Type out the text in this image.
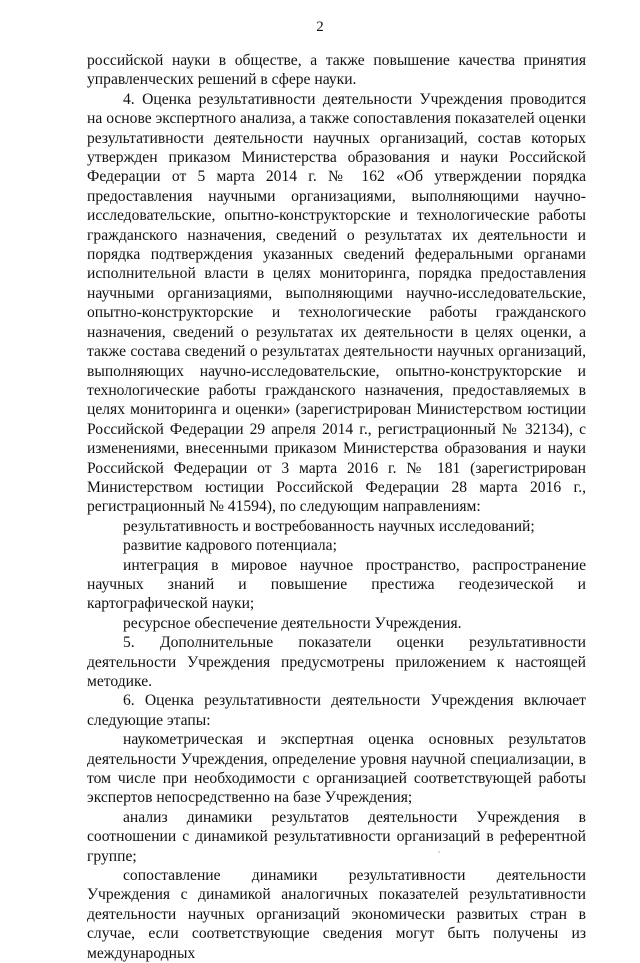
2

российской науки в обществе, а также повышение качества принятия управленческих решений в сфере науки.

4. Оценка результативности деятельности Учреждения проводится на основе экспертного анализа, а также сопоставления показателей оценки результативности деятельности научных организаций, состав которых утвержден приказом Министерства образования и науки Российской Федерации от 5 марта 2014 г. № 162 «Об утверждении порядка предоставления научными организациями, выполняющими научно-исследовательские, опытно-конструкторские и технологические работы гражданского назначения, сведений о результатах их деятельности и порядка подтверждения указанных сведений федеральными органами исполнительной власти в целях мониторинга, порядка предоставления научными организациями, выполняющими научно-исследовательские, опытно-конструкторские и технологические работы гражданского назначения, сведений о результатах их деятельности в целях оценки, а также состава сведений о результатах деятельности научных организаций, выполняющих научно-исследовательские, опытно-конструкторские и технологические работы гражданского назначения, предоставляемых в целях мониторинга и оценки» (зарегистрирован Министерством юстиции Российской Федерации 29 апреля 2014 г., регистрационный № 32134), с изменениями, внесенными приказом Министерства образования и науки Российской Федерации от 3 марта 2016 г. № 181 (зарегистрирован Министерством юстиции Российской Федерации 28 марта 2016 г., регистрационный № 41594), по следующим направлениям:

результативность и востребованность научных исследований;

развитие кадрового потенциала;

интеграция в мировое научное пространство, распространение научных знаний и повышение престижа геодезической и картографической науки;

ресурсное обеспечение деятельности Учреждения.

5. Дополнительные показатели оценки результативности деятельности Учреждения предусмотрены приложением к настоящей методике.

6. Оценка результативности деятельности Учреждения включает следующие этапы:

наукометрическая и экспертная оценка основных результатов деятельности Учреждения, определение уровня научной специализации, в том числе при необходимости с организацией соответствующей работы экспертов непосредственно на базе Учреждения;

анализ динамики результатов деятельности Учреждения в соотношении с динамикой результативности организаций в референтной группе;

сопоставление динамики результативности деятельности Учреждения с динамикой аналогичных показателей результативности деятельности научных организаций экономически развитых стран в случае, если соответствующие сведения могут быть получены из международных
